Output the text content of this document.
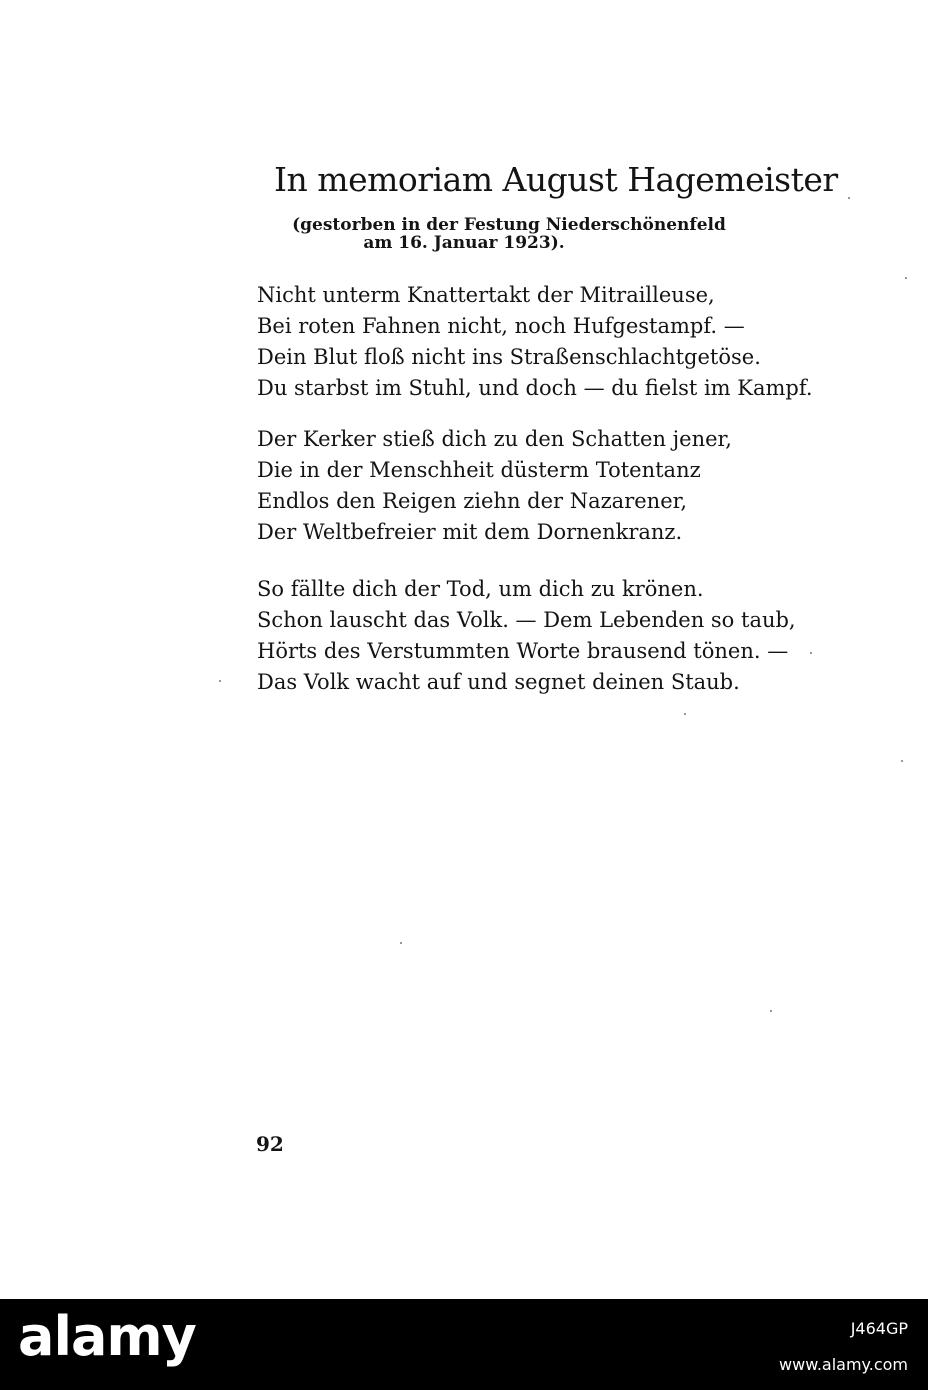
In memoriam August Hagemeister
(gestorben in der Festung Niederschönenfeld
am 16. Januar 1923).
Nicht unterm Knattertakt der Mitrailleuse,
Bei roten Fahnen nicht, noch Hufgestampf. —
Dein Blut floß nicht ins Straßenschlachtgetöse.
Du starbst im Stuhl, und doch — du fielst im Kampf.
Der Kerker stieß dich zu den Schatten jener,
Die in der Menschheit düsterm Totentanz
Endlos den Reigen ziehn der Nazarener,
Der Weltbefreier mit dem Dornenkranz.
So fällte dich der Tod, um dich zu krönen.
Schon lauscht das Volk. — Dem Lebenden so taub,
Hörts des Verstummten Worte brausend tönen. —
Das Volk wacht auf und segnet deinen Staub.
92
alamy	J464GP
www.alamy.com
